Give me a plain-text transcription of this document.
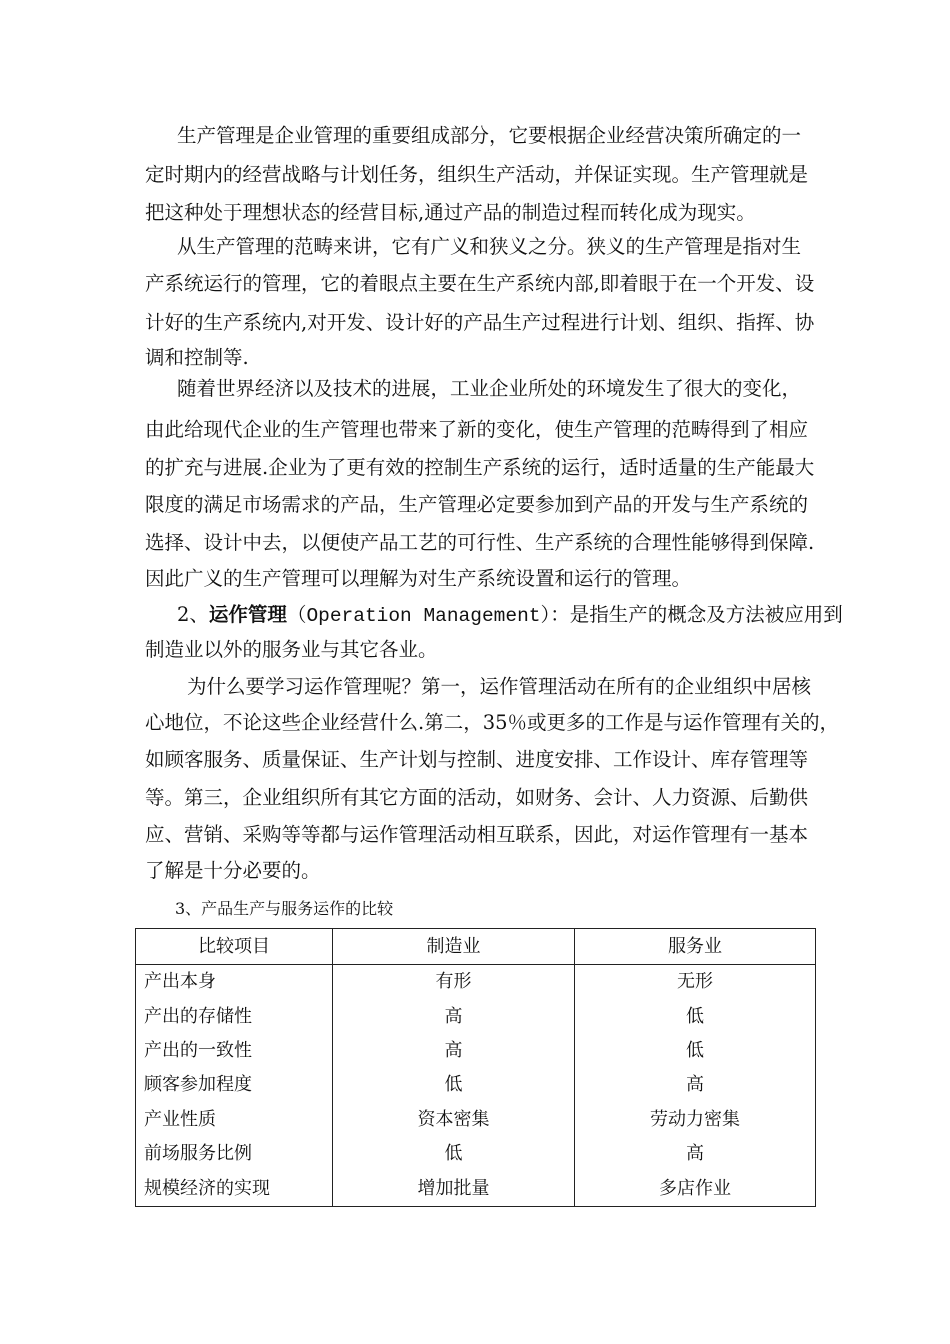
生产管理是企业管理的重要组成部分，它要根据企业经营决策所确定的一
定时期内的经营战略与计划任务，组织生产活动，并保证实现。生产管理就是
把这种处于理想状态的经营目标,通过产品的制造过程而转化成为现实。
从生产管理的范畴来讲，它有广义和狭义之分。狭义的生产管理是指对生
产系统运行的管理，它的着眼点主要在生产系统内部,即着眼于在一个开发、设
计好的生产系统内,对开发、设计好的产品生产过程进行计划、组织、指挥、协
调和控制等.
随着世界经济以及技术的进展，工业企业所处的环境发生了很大的变化，
由此给现代企业的生产管理也带来了新的变化，使生产管理的范畴得到了相应
的扩充与进展.企业为了更有效的控制生产系统的运行，适时适量的生产能最大
限度的满足市场需求的产品，生产管理必定要参加到产品的开发与生产系统的
选择、设计中去，以便使产品工艺的可行性、生产系统的合理性能够得到保障.
因此广义的生产管理可以理解为对生产系统设置和运行的管理。
2、运作管理（Operation Management）：是指生产的概念及方法被应用到
制造业以外的服务业与其它各业。
为什么要学习运作管理呢？第一，运作管理活动在所有的企业组织中居核
心地位，不论这些企业经营什么.第二，35％或更多的工作是与运作管理有关的，
如顾客服务、质量保证、生产计划与控制、进度安排、工作设计、库存管理等
等。第三，企业组织所有其它方面的活动，如财务、会计、人力资源、后勤供
应、营销、采购等等都与运作管理活动相互联系，因此，对运作管理有一基本
了解是十分必要的。
3、产品生产与服务运作的比较
比较项目	制造业	服务业
产出本身	有形	无形
产出的存储性	高	低
产出的一致性	高	低
顾客参加程度	低	高
产业性质	资本密集	劳动力密集
前场服务比例	低	高
规模经济的实现	增加批量	多店作业
